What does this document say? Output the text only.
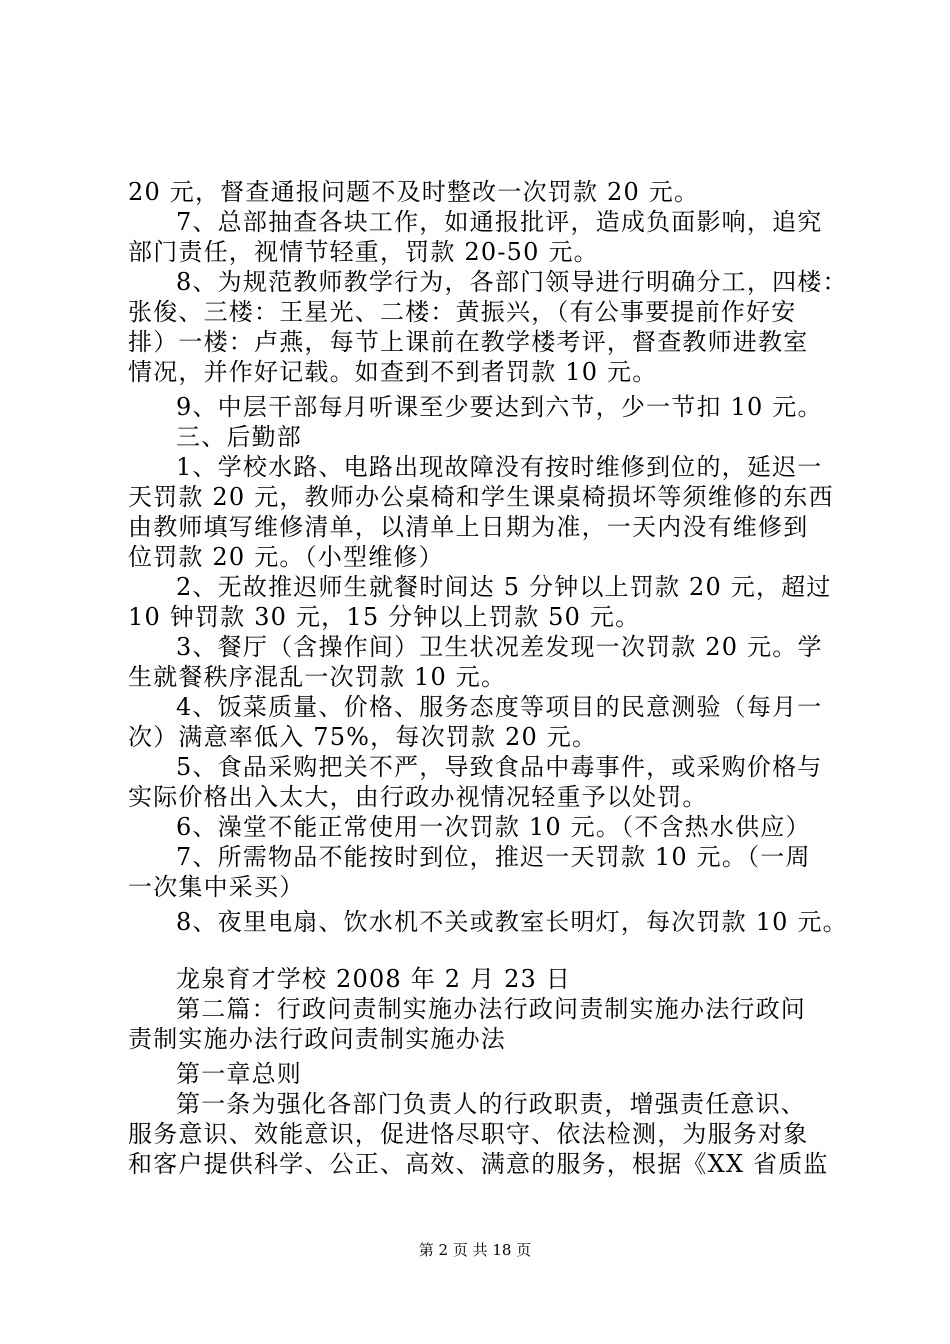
20 元，督查通报问题不及时整改一次罚款 20 元。
7、总部抽查各块工作，如通报批评，造成负面影响，追究
部门责任，视情节轻重，罚款 20-50 元。
8、为规范教师教学行为，各部门领导进行明确分工，四楼：
张俊、三楼：王星光、二楼：黄振兴，（有公事要提前作好安
排）一楼：卢燕，每节上课前在教学楼考评，督查教师进教室
情况，并作好记载。如查到不到者罚款 10 元。
9、中层干部每月听课至少要达到六节，少一节扣 10 元。
三、后勤部
1、学校水路、电路出现故障没有按时维修到位的，延迟一
天罚款 20 元，教师办公桌椅和学生课桌椅损坏等须维修的东西
由教师填写维修清单，以清单上日期为准，一天内没有维修到
位罚款 20 元。（小型维修）
2、无故推迟师生就餐时间达 5 分钟以上罚款 20 元，超过
10 钟罚款 30 元，15 分钟以上罚款 50 元。
3、餐厅（含操作间）卫生状况差发现一次罚款 20 元。学
生就餐秩序混乱一次罚款 10 元。
4、饭菜质量、价格、服务态度等项目的民意测验（每月一
次）满意率低入 75%，每次罚款 20 元。
5、食品采购把关不严，导致食品中毒事件，或采购价格与
实际价格出入太大，由行政办视情况轻重予以处罚。
6、澡堂不能正常使用一次罚款 10 元。（不含热水供应）
7、所需物品不能按时到位，推迟一天罚款 10 元。（一周
一次集中采买）
8、夜里电扇、饮水机不关或教室长明灯，每次罚款 10 元。
龙泉育才学校 2008 年 2 月 23 日
第二篇：行政问责制实施办法行政问责制实施办法行政问
责制实施办法行政问责制实施办法
第一章总则
第一条为强化各部门负责人的行政职责，增强责任意识、
服务意识、效能意识，促进恪尽职守、依法检测，为服务对象
和客户提供科学、公正、高效、满意的服务，根据《XX 省质监
第 2 页 共 18 页
